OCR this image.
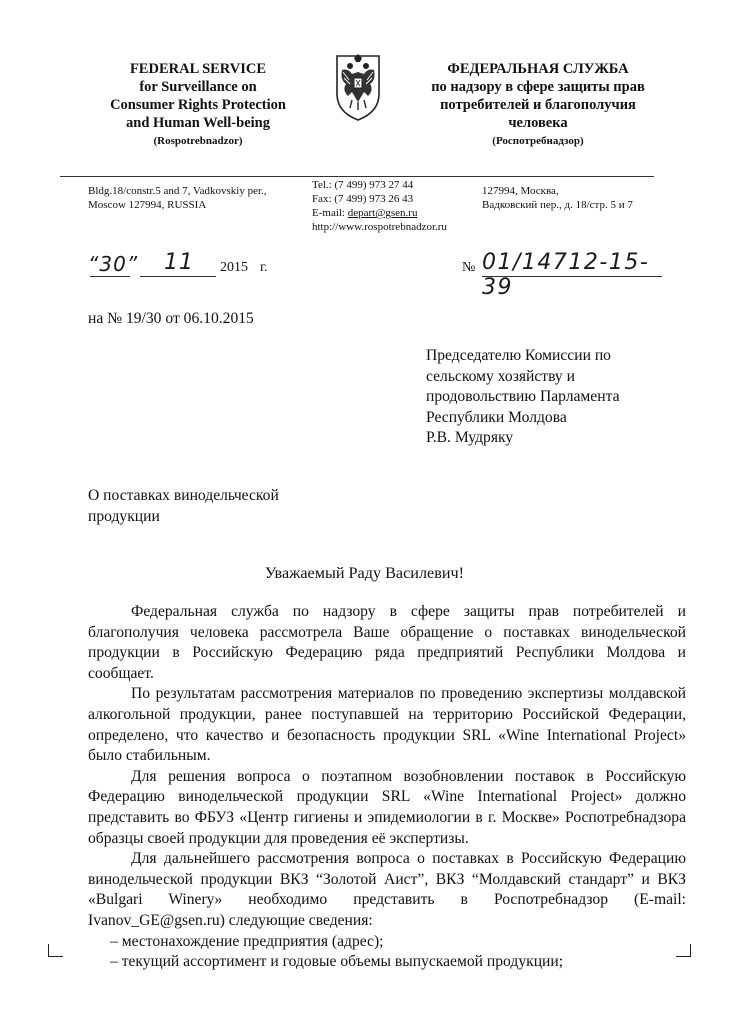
FEDERAL SERVICE
for Surveillance on
Consumer Rights Protection
and Human Well-being
(Rospotrebnadzor)
ФЕДЕРАЛЬНАЯ СЛУЖБА
по надзору в сфере защиты прав
потребителей и благополучия
человека
(Роспотребнадзор)
Bldg.18/constr.5 and 7, Vadkovskiy per.,
Moscow 127994, RUSSIA
Tel.: (7 499) 973 27 44
Fax: (7 499) 973 26 43
E-mail: depart@gsen.ru
http://www.rospotrebnadzor.ru
127994, Москва,
Вадковский пер., д. 18/стр. 5 и 7
“30” 11 2015 г.	№ 01/14712-15-39
на № 19/30 от 06.10.2015
Председателю Комиссии по
сельскому хозяйству и
продовольствию Парламента
Республики Молдова
Р.В. Мудряку
О поставках винодельческой
продукции
Уважаемый Раду Василевич!

Федеральная служба по надзору в сфере защиты прав потребителей и благополучия человека рассмотрела Ваше обращение о поставках винодельческой продукции в Российскую Федерацию ряда предприятий Республики Молдова и сообщает.

По результатам рассмотрения материалов по проведению экспертизы молдавской алкогольной продукции, ранее поступавшей на территорию Российской Федерации, определено, что качество и безопасность продукции SRL «Wine International Project» было стабильным.

Для решения вопроса о поэтапном возобновлении поставок в Российскую Федерацию винодельческой продукции SRL «Wine International Project» должно представить во ФБУЗ «Центр гигиены и эпидемиологии в г. Москве» Роспотребнадзора образцы своей продукции для проведения её экспертизы.

Для дальнейшего рассмотрения вопроса о поставках в Российскую Федерацию винодельческой продукции ВКЗ “Золотой Аист”, ВКЗ “Молдавский стандарт” и ВКЗ «Bulgari Winery» необходимо представить в Роспотребнадзор (E-mail: Ivanov_GE@gsen.ru) следующие сведения:

– местонахождение предприятия (адрес);
– текущий ассортимент и годовые объемы выпускаемой продукции;
